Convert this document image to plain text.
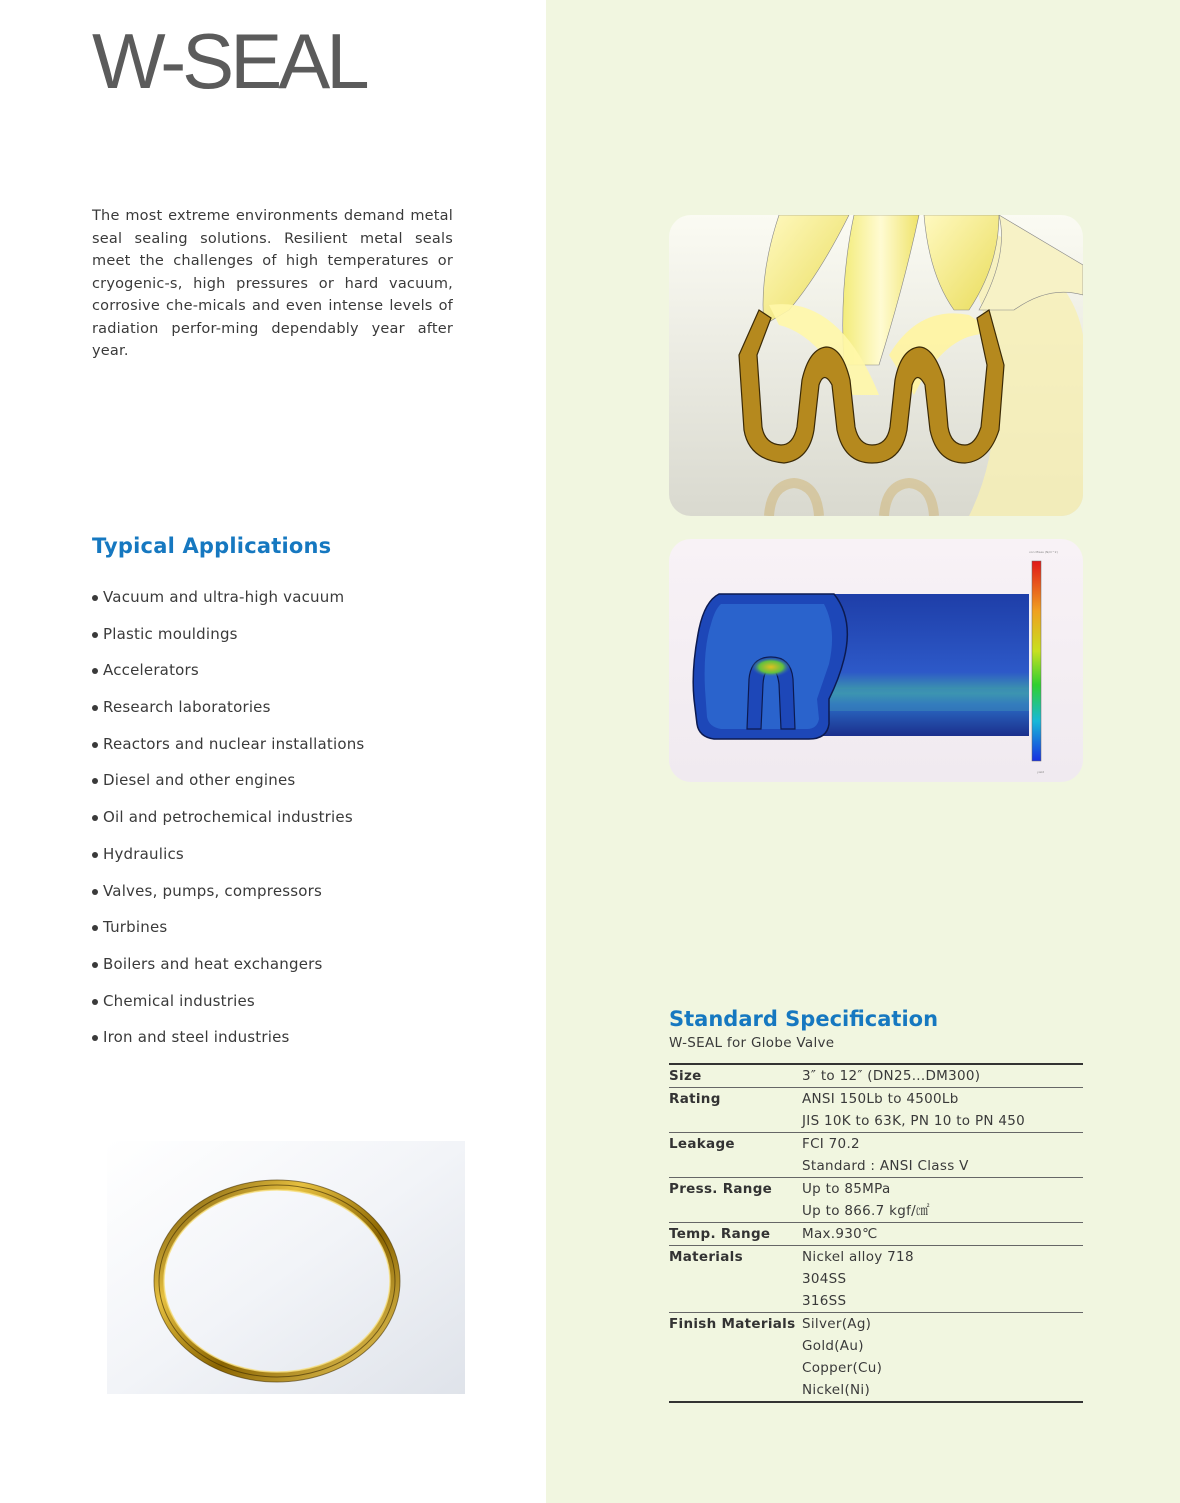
W-SEAL

The most extreme environments demand metal seal sealing solutions. Resilient metal seals meet the challenges of high temperatures or cryogenic-s, high pressures or hard vacuum, corrosive che-micals and even intense levels of radiation perfor-ming dependably year after year.

Typical Applications
Vacuum and ultra-high vacuum
Plastic mouldings
Accelerators
Research laboratories
Reactors and nuclear installations
Diesel and other engines
Oil and petrochemical industries
Hydraulics
Valves, pumps, compressors
Turbines
Boilers and heat exchangers
Chemical industries
Iron and steel industries
von Mises (N/m^2)
yield
Standard Specification

W-SEAL for Globe Valve

Size	3″ to 12″ (DN25...DM300)
Rating	ANSI 150Lb to 4500Lb
JIS 10K to 63K, PN 10 to PN 450
Leakage	FCI 70.2
Standard : ANSI Class V
Press. Range	Up to 85MPa
Up to 866.7 kgf/㎠
Temp. Range	Max.930℃
Materials	Nickel alloy 718
304SS
316SS
Finish Materials Silver(Ag)
Gold(Au)
Copper(Cu)
Nickel(Ni)
